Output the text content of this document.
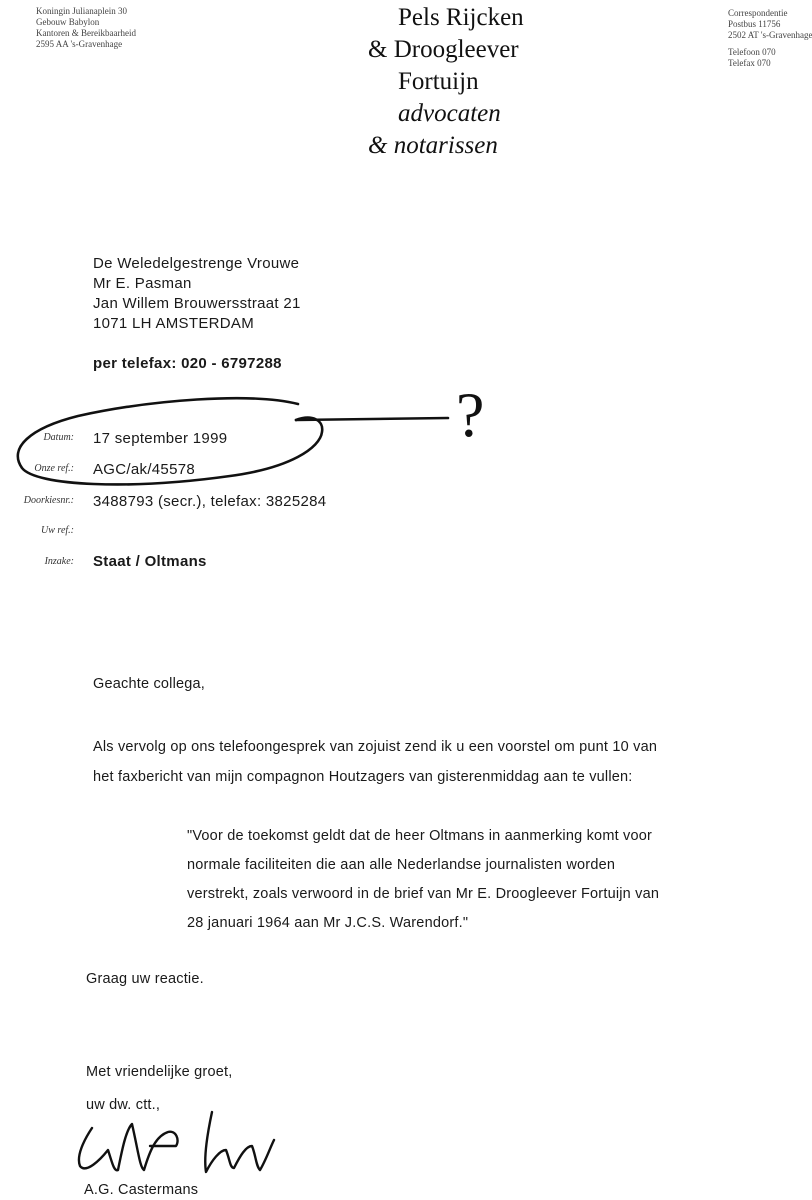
Koningin Julianaplein 30
Gebouw Babylon
Kantoren & Bereikbaarheid
2595 AA 's-Gravenhage
Correspondentie
Postbus 11756
2502 AT 's-Gravenhage
Telefoon 070
Telefax 070
Pels Rijcken
& Droogleever
Fortuijn
advocaten
& notarissen
De Weledelgestrenge Vrouwe
Mr E. Pasman
Jan Willem Brouwersstraat 21
1071 LH AMSTERDAM
per telefax: 020 - 6797288
Datum: 17 september 1999
Onze ref.: AGC/ak/45578
Doorkiesnr.: 3488793 (secr.), telefax: 3825284
Uw ref.:
Inzake: Staat / Oltmans
?
Geachte collega,
Als vervolg op ons telefoongesprek van zojuist zend ik u een voorstel om punt 10 van
het faxbericht van mijn compagnon Houtzagers van gisterenmiddag aan te vullen:
"Voor de toekomst geldt dat de heer Oltmans in aanmerking komt voor
normale faciliteiten die aan alle Nederlandse journalisten worden
verstrekt, zoals verwoord in de brief van Mr E. Droogleever Fortuijn van
28 januari 1964 aan Mr J.C.S. Warendorf."
Graag uw reactie.
Met vriendelijke groet,
uw dw. ctt.,
A.G. Castermans
